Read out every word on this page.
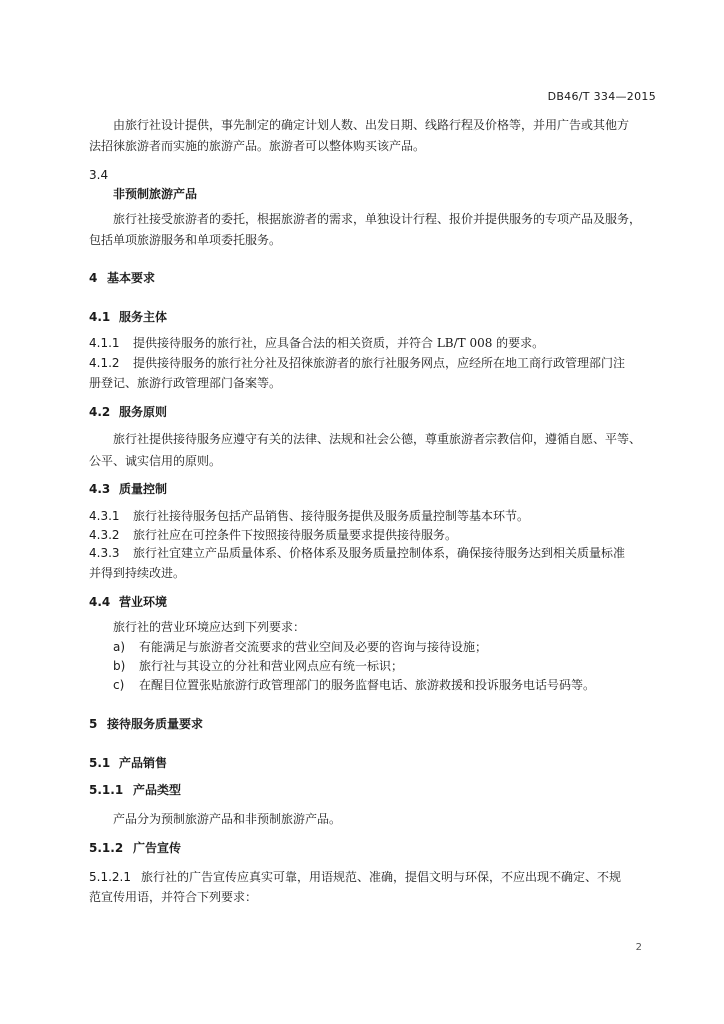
DB46/T 334—2015
由旅行社设计提供，事先制定的确定计划人数、出发日期、线路行程及价格等，并用广告或其他方
法招徕旅游者而实施的旅游产品。旅游者可以整体购买该产品。
3.4
非预制旅游产品
旅行社接受旅游者的委托，根据旅游者的需求，单独设计行程、报价并提供服务的专项产品及服务，
包括单项旅游服务和单项委托服务。
4 基本要求
4.1 服务主体
4.1.1 提供接待服务的旅行社，应具备合法的相关资质，并符合 LB/T 008 的要求。
4.1.2 提供接待服务的旅行社分社及招徕旅游者的旅行社服务网点，应经所在地工商行政管理部门注
册登记、旅游行政管理部门备案等。
4.2 服务原则
旅行社提供接待服务应遵守有关的法律、法规和社会公德，尊重旅游者宗教信仰，遵循自愿、平等、
公平、诚实信用的原则。
4.3 质量控制
4.3.1 旅行社接待服务包括产品销售、接待服务提供及服务质量控制等基本环节。
4.3.2 旅行社应在可控条件下按照接待服务质量要求提供接待服务。
4.3.3 旅行社宜建立产品质量体系、价格体系及服务质量控制体系，确保接待服务达到相关质量标准
并得到持续改进。
4.4 营业环境
旅行社的营业环境应达到下列要求：
a) 有能满足与旅游者交流要求的营业空间及必要的咨询与接待设施；
b) 旅行社与其设立的分社和营业网点应有统一标识；
c) 在醒目位置张贴旅游行政管理部门的服务监督电话、旅游救援和投诉服务电话号码等。
5 接待服务质量要求
5.1 产品销售
5.1.1 产品类型
产品分为预制旅游产品和非预制旅游产品。
5.1.2 广告宣传
5.1.2.1 旅行社的广告宣传应真实可靠，用语规范、准确，提倡文明与环保，不应出现不确定、不规
范宣传用语，并符合下列要求：
2
